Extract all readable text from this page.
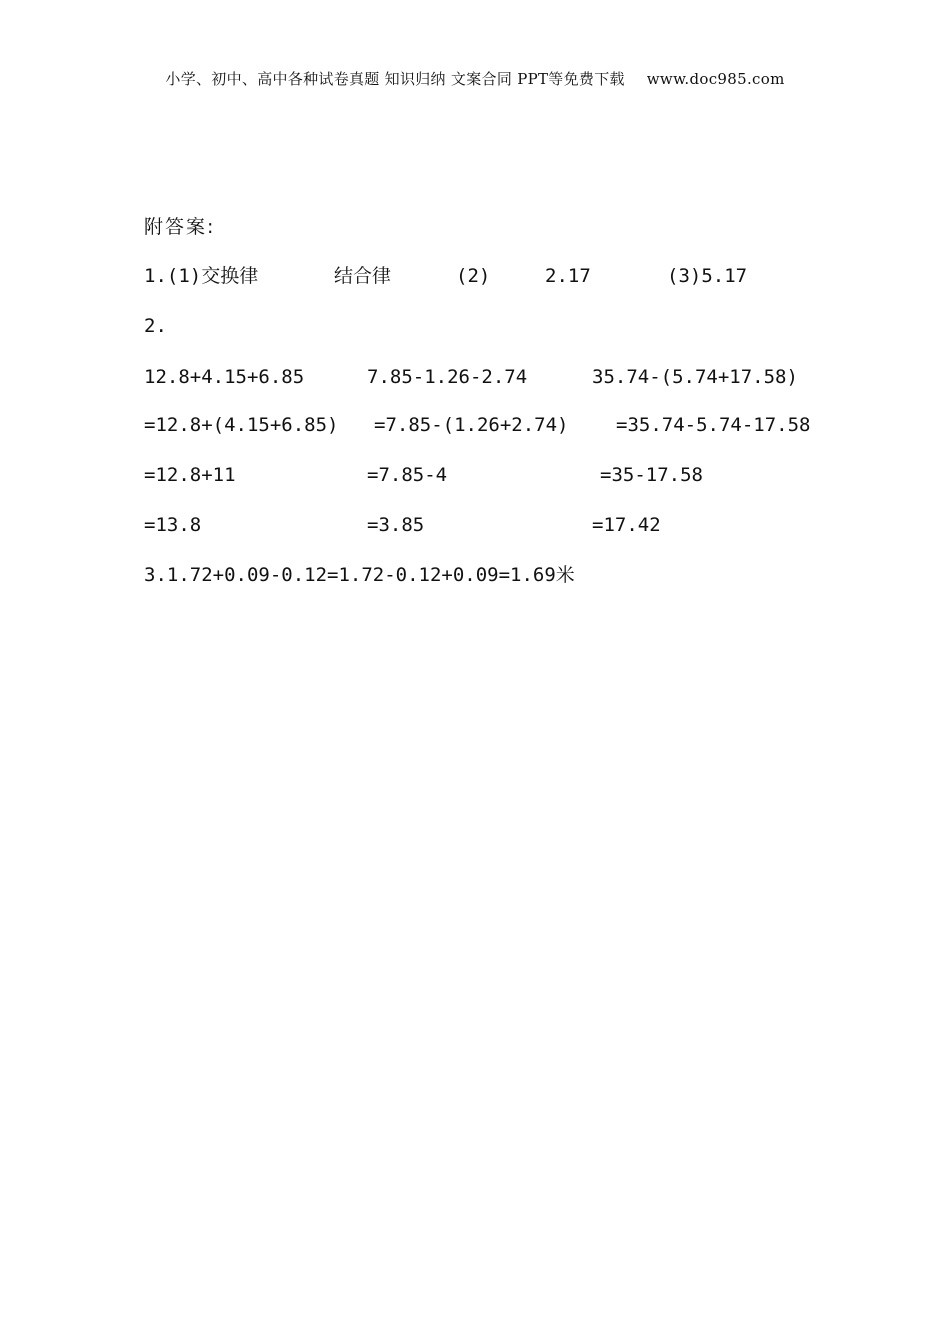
小学、初中、高中各种试卷真题 知识归纳 文案合同 PPT等免费下载 www.doc985.com
附答案:
1.(1)交换律	结合律	(2)	2.17	(3)5.17
2.
12.8+4.15+6.85	7.85-1.26-2.74	35.74-(5.74+17.58)
=12.8+(4.15+6.85) =7.85-(1.26+2.74)	=35.74-5.74-17.58
=12.8+11	=7.85-4	=35-17.58
=13.8	=3.85	=17.42
3.1.72+0.09-0.12=1.72-0.12+0.09=1.69米
